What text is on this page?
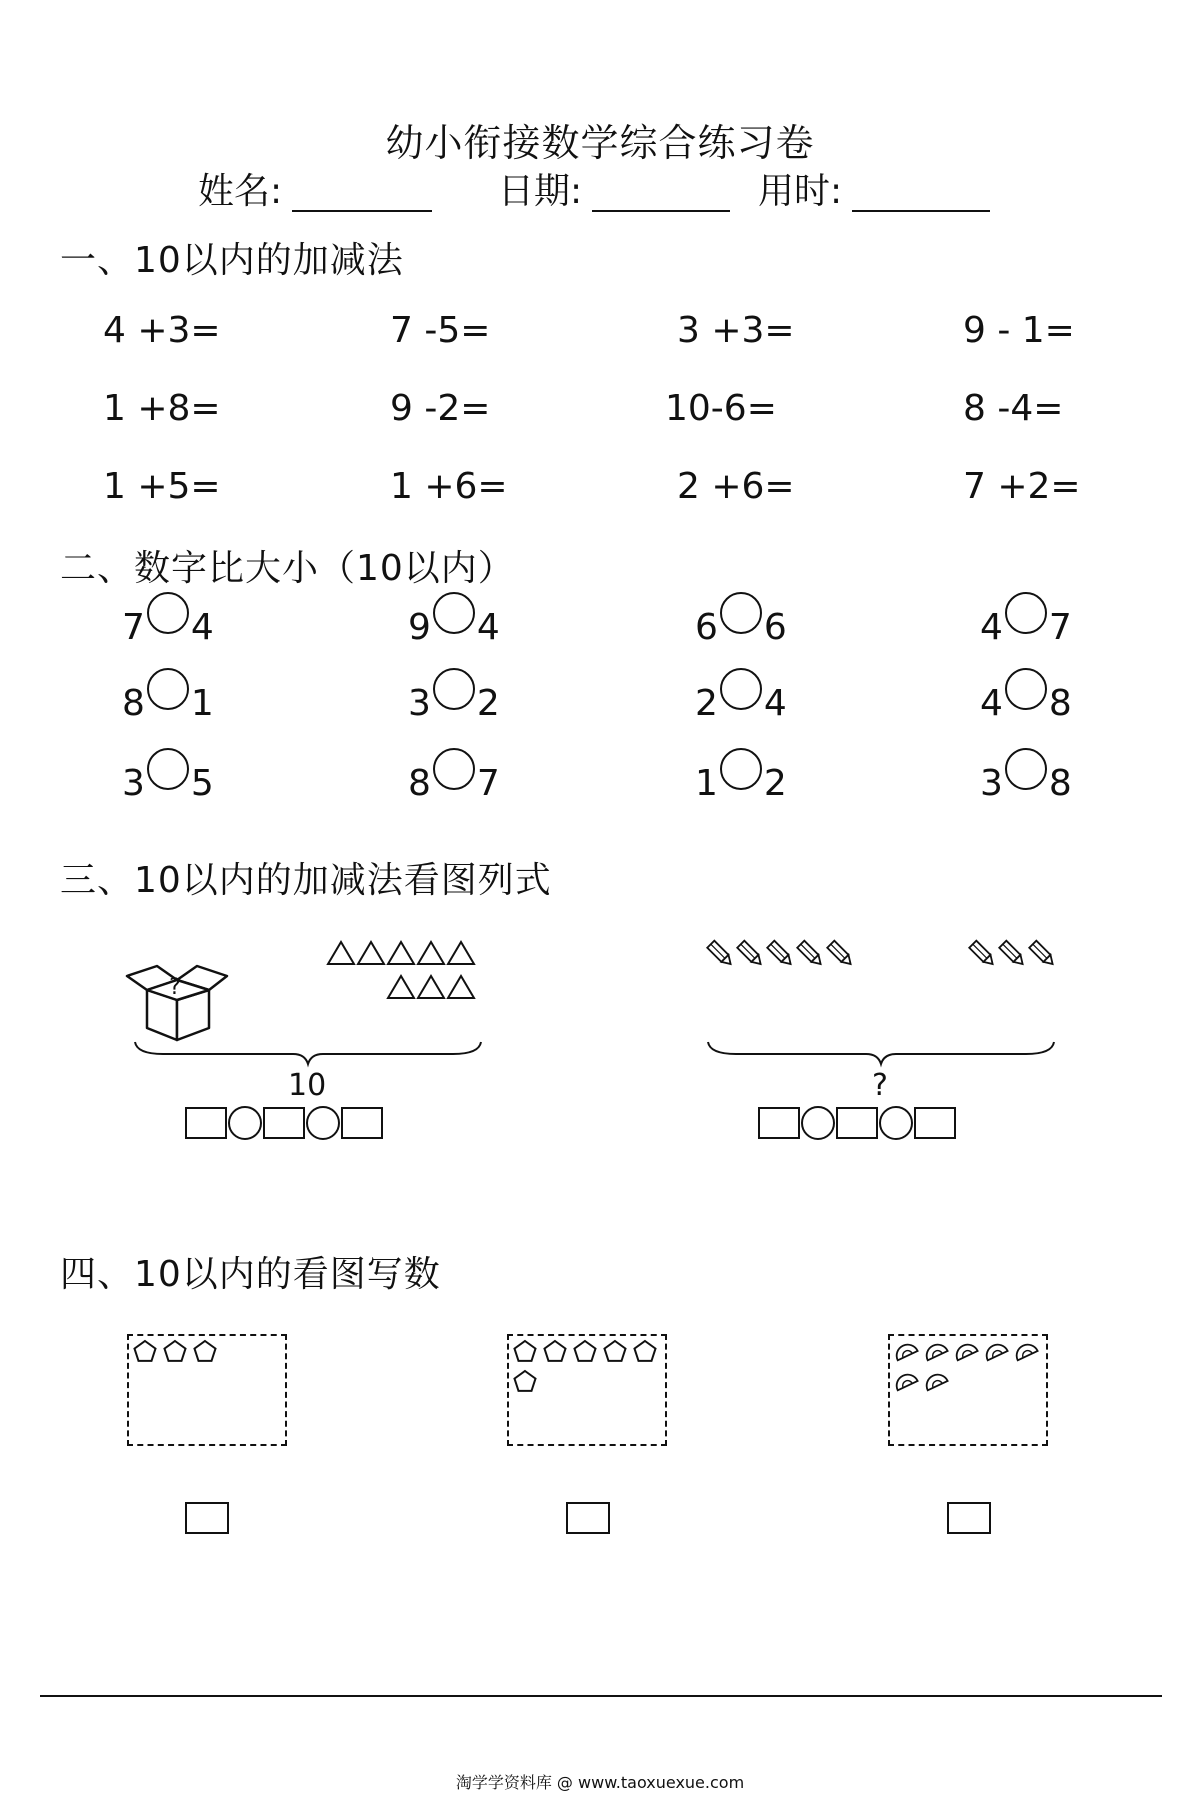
幼小衔接数学综合练习卷
姓名:	日期:	用时:
一、10以内的加减法
4 +3=	7 -5=	3 +3=	9 - 1=
1 +8=	9 -2=	10-6=	8 -4=
1 +5=	1 +6=	2 +6=	7 +2=
二、数字比大小（10以内）
7 4	9 4	6 6	4 7
8 1	3 2	2 4	4 8
3 5	8 7	1 2	3 8
三、10以内的加减法看图列式
?
10	?
四、10以内的看图写数
淘学学资料库 @ www.taoxuexue.com
